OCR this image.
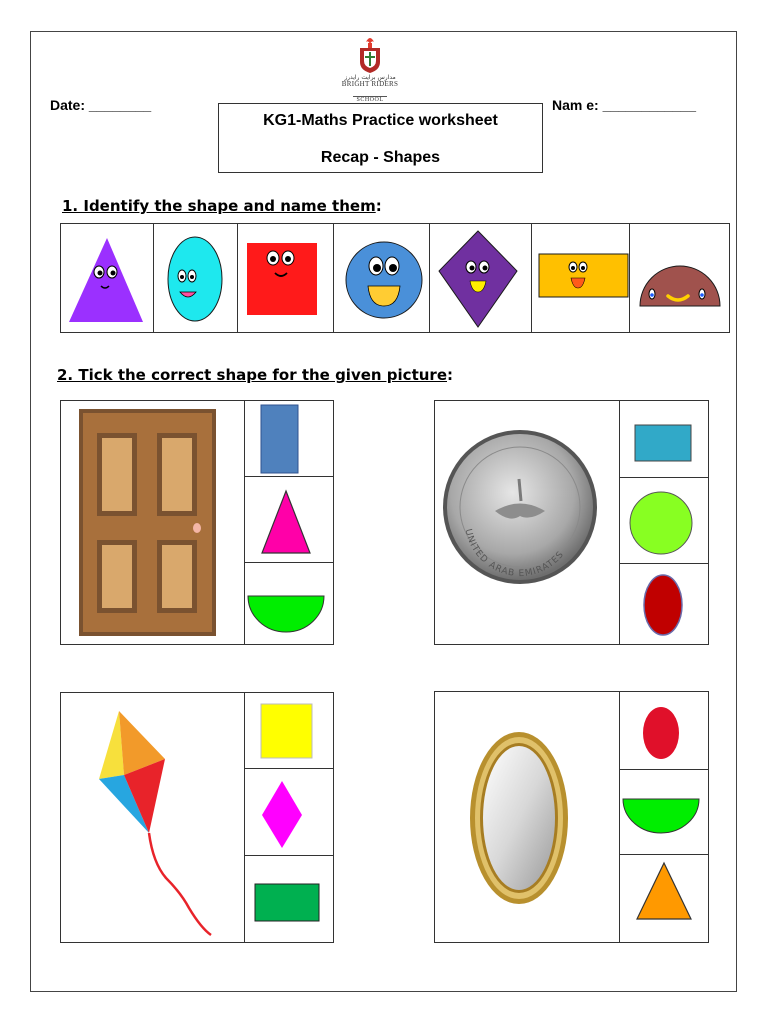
مدارس برايت رايدرز
BRIGHT RIDERS
SCHOOL
Date: ________	Nam e: ____________
KG1-Maths Practice worksheet
Recap - Shapes
1. Identify the shape and name them:
2. Tick the correct shape for the given picture:
UNITED ARAB EMIRATES
